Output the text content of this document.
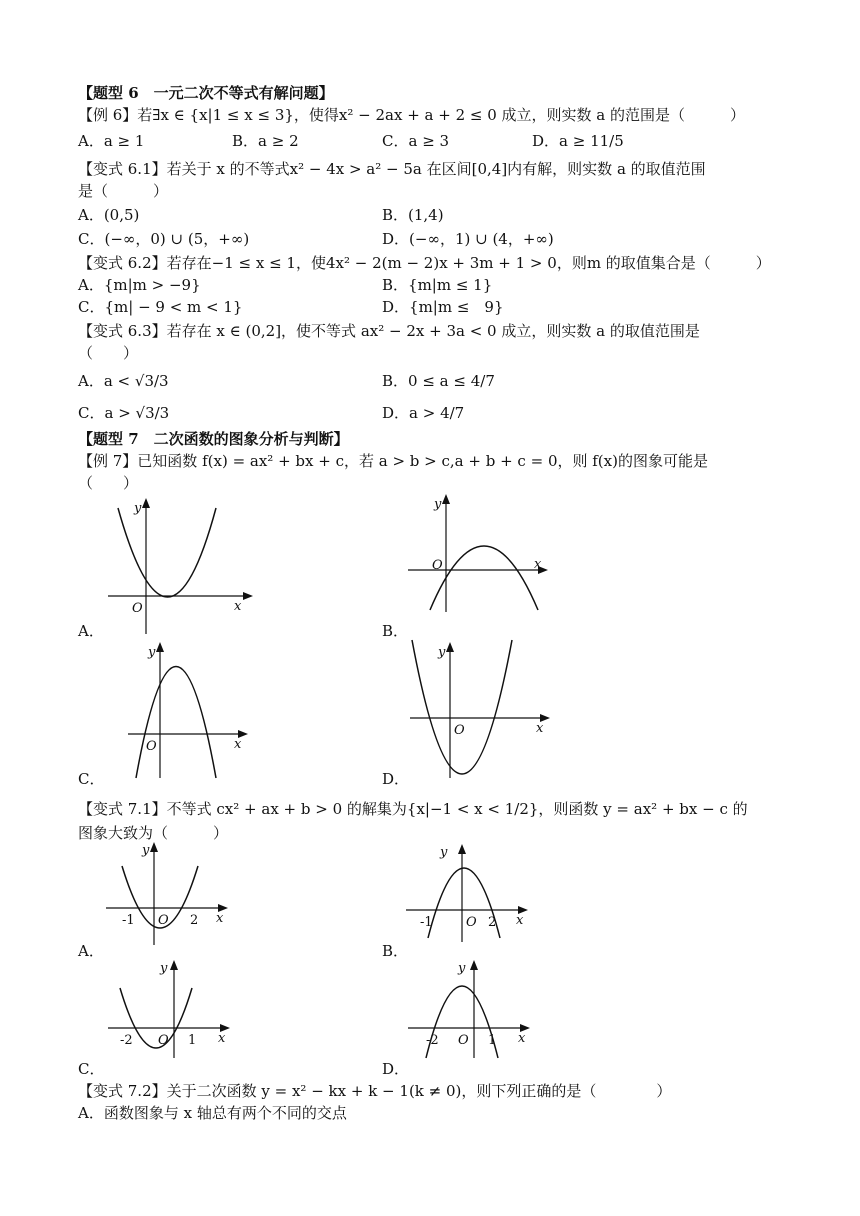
【题型 6　一元二次不等式有解问题】
【例 6】若∃x ∈ {x|1 ≤ x ≤ 3}，使得x² − 2ax + a + 2 ≤ 0 成立，则实数 a 的范围是（　　　）
A．a ≥ 1	B．a ≥ 2	C．a ≥ 3	D．a ≥ 11/5
【变式 6.1】若关于 x 的不等式x² − 4x > a² − 5a 在区间[0,4]内有解，则实数 a 的取值范围
是（　　　）
A．(0,5)	B．(1,4)
C．(−∞，0) ∪ (5，+∞)	D．(−∞，1) ∪ (4，+∞)
【变式 6.2】若存在−1 ≤ x ≤ 1，使4x² − 2(m − 2)x + 3m + 1 > 0，则m 的取值集合是（　　　）
A．{m|m > −9}	B．{m|m ≤ 1}
C．{m| − 9 < m < 1}	D．{m|m ≤　9}
【变式 6.3】若存在 x ∈ (0,2]，使不等式 ax² − 2x + 3a < 0 成立，则实数 a 的取值范围是
（　　）
A．a < √3/3	B．0 ≤ a ≤ 4/7
C．a > √3/3	D．a > 4/7
【题型 7　二次函数的图象分析与判断】
【例 7】已知函数 f(x) = ax² + bx + c，若 a > b > c,a + b + c = 0，则 f(x)的图象可能是
（　　）
y
O	x
A．
y
O	x
B．
y
O	x
C．
y
O	x
D．
【变式 7.1】不等式 cx² + ax + b > 0 的解集为{x|−1 < x < 1/2}，则函数 y = ax² + bx − c 的
图象大致为（　　　）
y
-1 O 2 x
A．
y
-1	O 2 x
B．
y
-2 O 1 x
C．
y
-2 O 1 x
D．
【变式 7.2】关于二次函数 y = x² − kx + k − 1(k ≠ 0)，则下列正确的是（　　　　）
A．函数图象与 x 轴总有两个不同的交点
